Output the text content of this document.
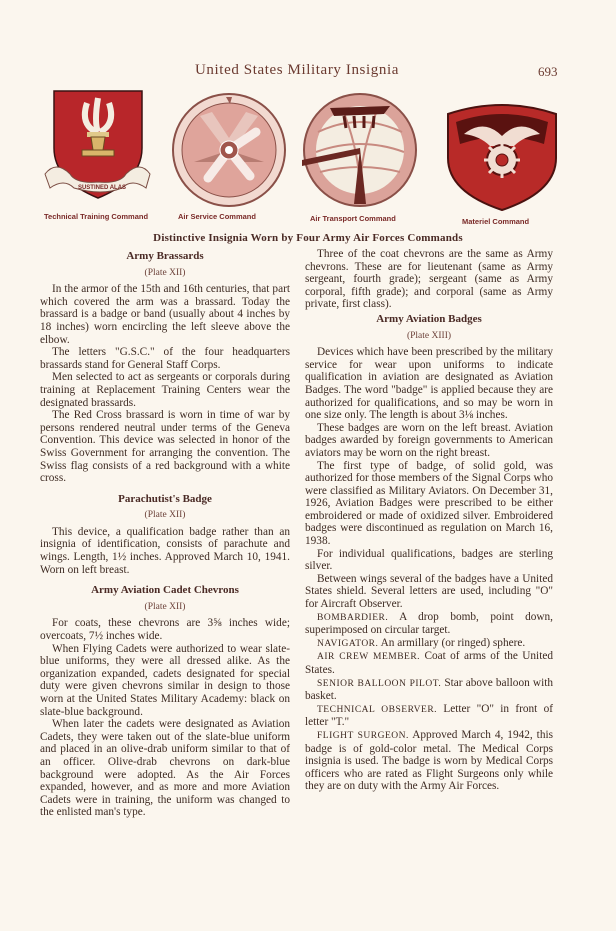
United States Military Insignia	693
SUSTINED ALAS
Technical Training Command	Air Service Command	Air Transport Command	Materiel Command
Distinctive Insignia Worn by Four Army Air Forces Commands
Army Brassards
(Plate XII)

In the armor of the 15th and 16th centuries, that part which covered the arm was a brassard. Today the brassard is a badge or band (usually about 4 inches by 18 inches) worn encircling the left sleeve above the elbow.

The letters "G.S.C." of the four headquarters brassards stand for General Staff Corps.

Men selected to act as sergeants or corporals during training at Replacement Training Centers wear the designated brassards.

The Red Cross brassard is worn in time of war by persons rendered neutral under terms of the Geneva Convention. This device was selected in honor of the Swiss Government for arranging the convention. The Swiss flag consists of a red background with a white cross.

Parachutist's Badge
(Plate XII)

This device, a qualification badge rather than an insignia of identification, consists of parachute and wings. Length, 1½ inches. Approved March 10, 1941. Worn on left breast.

Army Aviation Cadet Chevrons
(Plate XII)

For coats, these chevrons are 3⅝ inches wide; overcoats, 7½ inches wide.

When Flying Cadets were authorized to wear slate-blue uniforms, they were all dressed alike. As the organization expanded, cadets designated for special duty were given chevrons similar in design to those worn at the United States Military Academy: black on slate-blue background.

When later the cadets were designated as Aviation Cadets, they were taken out of the slate-blue uniform and placed in an olive-drab uniform similar to that of an officer. Olive-drab chevrons on dark-blue background were adopted. As the Air Forces expanded, however, and as more and more Aviation Cadets were in training, the uniform was changed to the enlisted man's type.

Three of the coat chevrons are the same as Army chevrons. These are for lieutenant (same as Army sergeant, fourth grade); sergeant (same as Army corporal, fifth grade); and corporal (same as Army private, first class).

Army Aviation Badges
(Plate XIII)

Devices which have been prescribed by the military service for wear upon uniforms to indicate qualification in aviation are designated as Aviation Badges. The word "badge" is applied because they are authorized for qualifications, and so may be worn in one size only. The length is about 3⅛ inches.

These badges are worn on the left breast. Aviation badges awarded by foreign governments to American aviators may be worn on the right breast.

The first type of badge, of solid gold, was authorized for those members of the Signal Corps who were classified as Military Aviators. On December 31, 1926, Aviation Badges were prescribed to be either embroidered or made of oxidized silver. Embroidered badges were discontinued as regulation on March 16, 1938.

For individual qualifications, badges are sterling silver.

Between wings several of the badges have a United States shield. Several letters are used, including "O" for Aircraft Observer.

BOMBARDIER. A drop bomb, point down, superimposed on circular target.

NAVIGATOR. An armillary (or ringed) sphere.

AIR CREW MEMBER. Coat of arms of the United States.

SENIOR BALLOON PILOT. Star above balloon with basket.

TECHNICAL OBSERVER. Letter "O" in front of letter "T."

FLIGHT SURGEON. Approved March 4, 1942, this badge is of gold-color metal. The Medical Corps insignia is used. The badge is worn by Medical Corps officers who are rated as Flight Surgeons only while they are on duty with the Army Air Forces.
